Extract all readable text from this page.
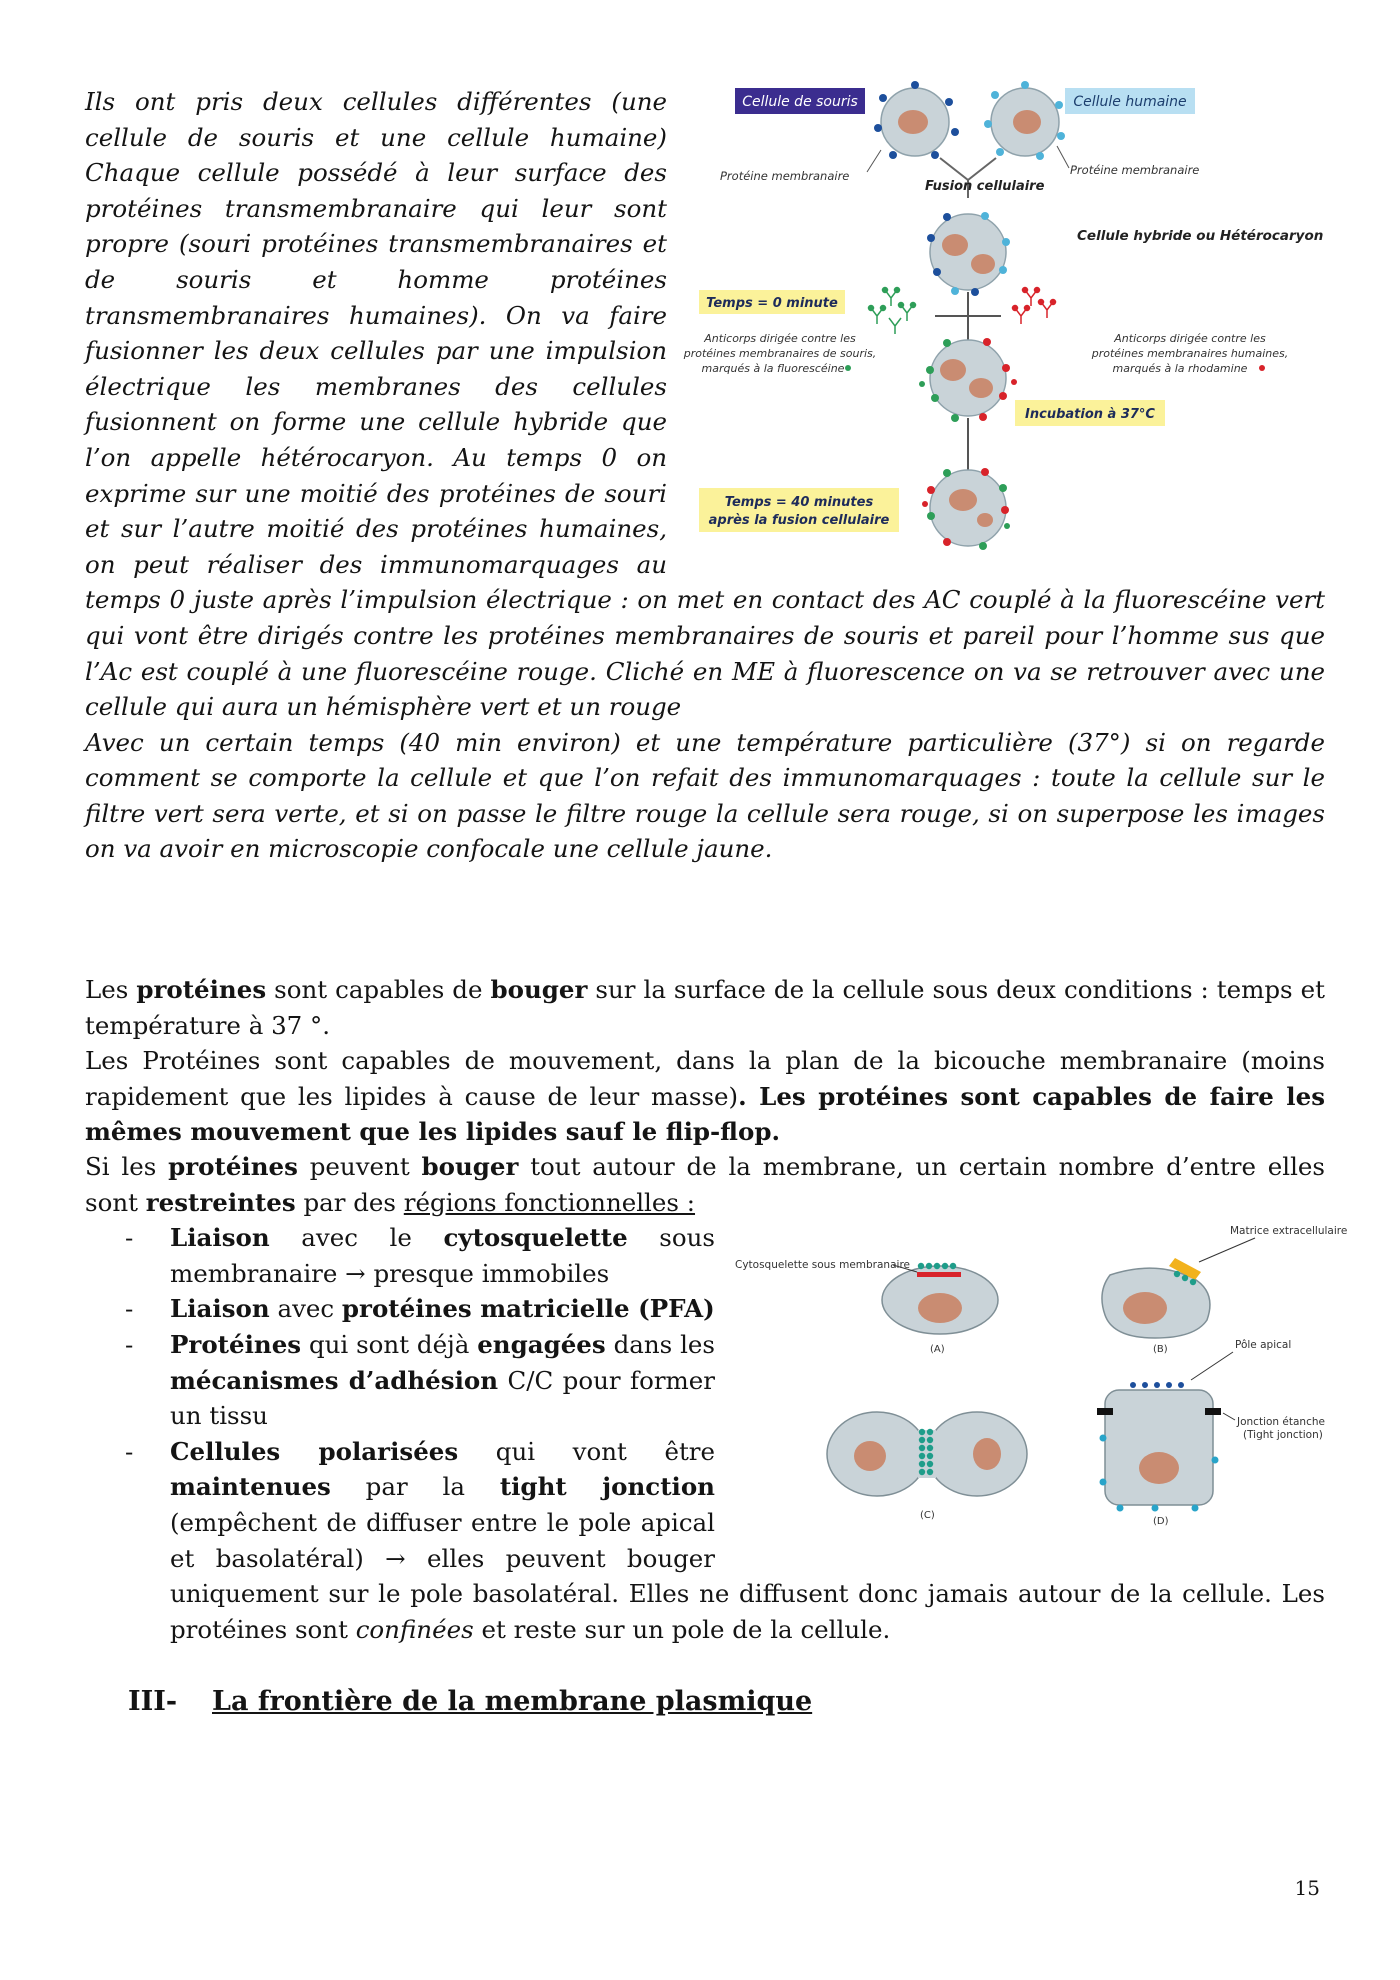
Cellule de souris	Cellule humaine
Protéine membranaire	Protéine membranaire
Fusion cellulaire
Cellule hybride ou Hétérocaryon
Temps = 0 minute
Anticorps dirigée contre les
protéines membranaires de souris,
marqués à la fluorescéine
Anticorps dirigée contre les
protéines membranaires humaines,
marqués à la rhodamine
Incubation à 37°C
Temps = 40 minutes
après la fusion cellulaire

Ils ont pris deux cellules différentes (une cellule de souris et une cellule humaine) Chaque cellule possédé à leur surface des protéines transmembranaire qui leur sont propre (souri protéines transmembranaires et de souris et homme protéines transmembranaires humaines). On va faire fusionner les deux cellules par une impulsion électrique les membranes des cellules fusionnent on forme une cellule hybride que l’on appelle hétérocaryon. Au temps 0 on exprime sur une moitié des protéines de souri et sur l’autre moitié des protéines humaines, on peut réaliser des immunomarquages au temps 0 juste après l’impulsion électrique : on met en contact des AC couplé à la fluorescéine vert qui vont être dirigés contre les protéines membranaires de souris et pareil pour l’homme sus que l’Ac est couplé à une fluorescéine rouge. Cliché en ME à fluorescence on va se retrouver avec une cellule qui aura un hémisphère vert et un rouge

Avec un certain temps (40 min environ) et une température particulière (37°) si on regarde comment se comporte la cellule et que l’on refait des immunomarquages : toute la cellule sur le filtre vert sera verte, et si on passe le filtre rouge la cellule sera rouge, si on superpose les images on va avoir en microscopie confocale une cellule jaune.

Les protéines sont capables de bouger sur la surface de la cellule sous deux conditions : temps et température à 37 °.

Les Protéines sont capables de mouvement, dans la plan de la bicouche membranaire (moins rapidement que les lipides à cause de leur masse). Les protéines sont capables de faire les mêmes mouvement que les lipides sauf le flip-flop.

Si les protéines peuvent bouger tout autour de la membrane, un certain nombre d’entre elles sont restreintes par des régions fonctionnelles :

Cytosquelette sous membranaire
(A)
Matrice extracellulaire
(B)
(C)
Pôle apical
Jonction étanche
(Tight jonction)
(D)
- Liaison avec le cytosquelette sous membranaire → presque immobiles
- Liaison avec protéines matricielle (PFA)
- Protéines qui sont déjà engagées dans les mécanismes d’adhésion C/C pour former un tissu
- Cellules polarisées qui vont être maintenues par la tight jonction (empêchent de diffuser entre le pole apical et basolatéral) → elles peuvent bouger uniquement sur le pole basolatéral. Elles ne diffusent donc jamais autour de la cellule. Les protéines sont confinées et reste sur un pole de la cellule.
III- La frontière de la membrane plasmique
15
